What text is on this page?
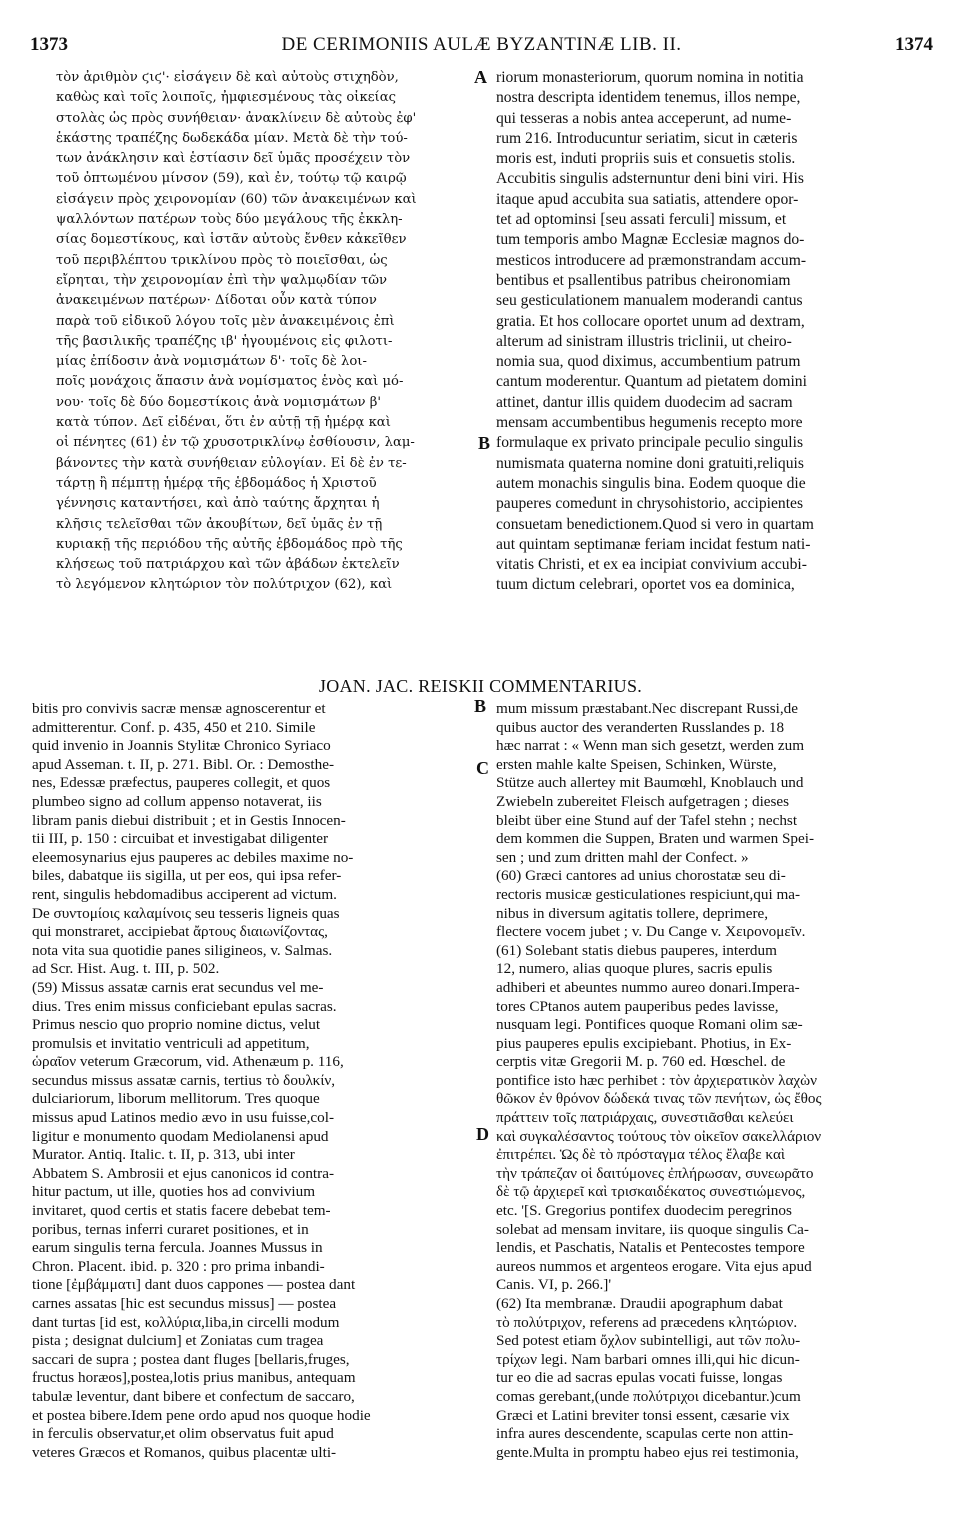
1373	DE CERIMONIIS AULÆ BYZANTINÆ LIB. II.	1374
τὸν ἀριθμὸν ϛιϛ'· εἰσάγειν δὲ καὶ αὐτοὺς στιχηδὸν,
καθὼς καὶ τοῖς λοιποῖς, ἠμφιεσμένους τὰς οἰκείας
στολὰς ὡς πρὸς συνήθειαν· ἀνακλίνειν δὲ αὐτοὺς ἐφ'
ἑκάστης τραπέζης δωδεκάδα μίαν. Μετὰ δὲ τὴν τού-
των ἀνάκλησιν καὶ ἑστίασιν δεῖ ὑμᾶς προσέχειν τὸν
τοῦ ὀπτωμένου μίνσον (59), καὶ ἐν, τούτῳ τῷ καιρῷ
εἰσάγειν πρὸς χειρονομίαν (60) τῶν ἀνακειμένων καὶ
ψαλλόντων πατέρων τοὺς δύο μεγάλους τῆς ἐκκλη-
σίας δομεστίκους, καὶ ἱστᾶν αὐτοὺς ἔνθεν κἀκεῖθεν
τοῦ περιβλέπτου τρικλίνου πρὸς τὸ ποιεῖσθαι, ὡς
εἴρηται, τὴν χειρονομίαν ἐπὶ τὴν ψαλμῳδίαν τῶν
ἀνακειμένων πατέρων· Δίδοται οὖν κατὰ τύπον
παρὰ τοῦ εἰδικοῦ λόγου τοῖς μὲν ἀνακειμένοις ἐπὶ
τῆς βασιλικῆς τραπέζης ιβ' ἡγουμένοις εἰς φιλοτι-
μίας ἐπίδοσιν ἀνὰ νομισμάτων δ'· τοῖς δὲ λοι-
ποῖς μονάχοις ἅπασιν ἀνὰ νομίσματος ἑνὸς καὶ μό-
νου· τοῖς δὲ δύο δομεστίκοις ἀνὰ νομισμάτων β'
κατὰ τύπον. Δεῖ εἰδέναι, ὅτι ἐν αὐτῇ τῇ ἡμέρᾳ καὶ
οἱ πένητες (61) ἐν τῷ χρυσοτρικλίνῳ ἐσθίουσιν, λαμ-
βάνοντες τὴν κατὰ συνήθειαν εὐλογίαν. Εἰ δὲ ἐν τε-
τάρτῃ ἢ πέμπτῃ ἡμέρᾳ τῆς ἑβδομάδος ἡ Χριστοῦ
γέννησις καταντήσει, καὶ ἀπὸ ταύτης ἄρχηται ἡ
κλῆσις τελεῖσθαι τῶν ἀκουβίτων, δεῖ ὑμᾶς ἐν τῇ
κυριακῇ τῆς περιόδου τῆς αὐτῆς ἑβδομάδος πρὸ τῆς
κλήσεως τοῦ πατριάρχου καὶ τῶν ἀβάδων ἐκτελεῖν
τὸ λεγόμενον κλητώριον τὸν πολύτριχον (62), καὶ
riorum monasteriorum, quorum nomina in notitia
nostra descripta identidem tenemus, illos nempe,
qui tesseras a nobis antea acceperunt, ad nume-
rum 216. Introducuntur seriatim, sicut in cæteris
moris est, induti propriis suis et consuetis stolis.
Accubitis singulis adsternuntur deni bini viri. His
itaque apud accubita sua satiatis, attendere opor-
tet ad optominsi [seu assati ferculi] missum, et
tum temporis ambo Magnæ Ecclesiæ magnos do-
mesticos introducere ad præmonstrandam accum-
bentibus et psallentibus patribus cheironomiam
seu gesticulationem manualem moderandi cantus
gratia. Et hos collocare oportet unum ad dextram,
alterum ad sinistram illustris triclinii, ut cheiro-
nomia sua, quod diximus, accumbentium patrum
cantum moderentur. Quantum ad pietatem domini
attinet, dantur illis quidem duodecim ad sacram
mensam accumbentibus hegumenis recepto more
formulaque ex privato principale peculio singulis
numismata quaterna nomine doni gratuiti,reliquis
autem monachis singulis bina. Eodem quoque die
pauperes comedunt in chrysohistorio, accipientes
consuetam benedictionem.Quod si vero in quartam
aut quintam septimanæ feriam incidat festum nati-
vitatis Christi, et ex ea incipiat convivium accubi-
tuum dictum celebrari, oportet vos ea dominica,
A
B
JOAN. JAC. REISKII COMMENTARIUS.
bitis pro convivis sacræ mensæ agnoscerentur et
admitterentur. Conf. p. 435, 450 et 210. Simile
quid invenio in Joannis Stylitæ Chronico Syriaco
apud Asseman. t. II, p. 271. Bibl. Or. : Demosthe-
nes, Edessæ præfectus, pauperes collegit, et quos
plumbeo signo ad collum appenso notaverat, iis
libram panis diebui distribuit ; et in Gestis Innocen-
tii III, p. 150 : circuibat et investigabat diligenter
eleemosynarius ejus pauperes ac debiles maxime no-
biles, dabatque iis sigilla, ut per eos, qui ipsa refer-
rent, singulis hebdomadibus acciperent ad victum.
De συντομίοις καλαμίνοις seu tesseris ligneis quas
qui monstraret, accipiebat ἄρτους διαιωνίζοντας,
nota vita sua quotidie panes siligineos, v. Salmas.
ad Scr. Hist. Aug. t. III, p. 502.
(59) Missus assatæ carnis erat secundus vel me-
dius. Tres enim missus conficiebant epulas sacras.
Primus nescio quo proprio nomine dictus, velut
promulsis et invitatio ventriculi ad appetitum,
ὡραῖον veterum Græcorum, vid. Athenæum p. 116,
secundus missus assatæ carnis, tertius τὸ δουλκίν,
dulciariorum, liborum mellitorum. Tres quoque
missus apud Latinos medio ævo in usu fuisse,col-
ligitur e monumento quodam Mediolanensi apud
Murator. Antiq. Italic. t. II, p. 313, ubi inter
Abbatem S. Ambrosii et ejus canonicos id contra-
hitur pactum, ut ille, quoties hos ad convivium
invitaret, quod certis et statis facere debebat tem-
poribus, ternas inferri curaret positiones, et in
earum singulis terna fercula. Joannes Mussus in
Chron. Placent. ibid. p. 320 : pro prima inbandi-
tione [ἐμβάμματι] dant duos cappones — postea dant
carnes assatas [hic est secundus missus] — postea
dant turtas [id est, κολλύρια,liba,in circelli modum
pista ; designat dulcium] et Zoniatas cum tragea
saccari de supra ; postea dant fluges [bellaris,fruges,
fructus horæos],postea,lotis prius manibus, antequam
tabulæ leventur, dant bibere et confectum de saccaro,
et postea bibere.Idem pene ordo apud nos quoque hodie
in ferculis observatur,et olim observatus fuit apud
veteres Græcos et Romanos, quibus placentæ ulti-
mum missum præstabant.Nec discrepant Russi,de
quibus auctor des veranderten Russlandes p. 18
hæc narrat : « Wenn man sich gesetzt, werden zum
ersten mahle kalte Speisen, Schinken, Würste,
Stütze auch allertey mit Baumœhl, Knoblauch und
Zwiebeln zubereitet Fleisch aufgetragen ; dieses
bleibt über eine Stund auf der Tafel stehn ; nechst
dem kommen die Suppen, Braten und warmen Spei-
sen ; und zum dritten mahl der Confect. »
(60) Græci cantores ad unius chorostatæ seu di-
rectoris musicæ gesticulationes respiciunt,qui ma-
nibus in diversum agitatis tollere, deprimere,
flectere vocem jubet ; v. Du Cange v. Χειρονομεῖν.
(61) Solebant statis diebus pauperes, interdum
12, numero, alias quoque plures, sacris epulis
adhiberi et abeuntes nummo aureo donari.Impera-
tores CPtanos autem pauperibus pedes lavisse,
nusquam legi. Pontifices quoque Romani olim sæ-
pius pauperes epulis excipiebant. Photius, in Ex-
cerptis vitæ Gregorii M. p. 760 ed. Hœschel. de
pontifice isto hæc perhibet : τὸν ἀρχιερατικὸν λαχὼν
θῶκον ἐν θρόνον δώδεκά τινας τῶν πενήτων, ὡς ἔθος
πράττειν τοῖς πατριάρχαις, συνεστιᾶσθαι κελεύει
καὶ συγκαλέσαντος τούτους τὸν οἰκεῖον σακελλάριον
ἐπιτρέπει. Ὡς δὲ τὸ πρόσταγμα τέλος ἔλαβε καὶ
τὴν τράπεζαν οἱ δαιτύμονες ἐπλήρωσαν, συνεωρᾶτο
δὲ τῷ ἀρχιερεῖ καὶ τρισκαιδέκατος συνεστιώμενος,
etc. '[S. Gregorius pontifex duodecim peregrinos
solebat ad mensam invitare, iis quoque singulis Ca-
lendis, et Paschatis, Natalis et Pentecostes tempore
aureos nummos et argenteos erogare. Vita ejus apud
Canis. VI, p. 266.]'
(62) Ita membranæ. Draudii apographum dabat
τὸ πολύτριχον, referens ad præcedens κλητώριον.
Sed potest etiam ὄχλον subintelligi, aut τῶν πολυ-
τρίχων legi. Nam barbari omnes illi,qui hic dicun-
tur eo die ad sacras epulas vocati fuisse, longas
comas gerebant,(unde πολύτριχοι dicebantur.)cum
Græci et Latini breviter tonsi essent, cæsarie vix
infra aures descendente, scapulas certe non attin-
gente.Multa in promptu habeo ejus rei testimonia,
B
C
D
